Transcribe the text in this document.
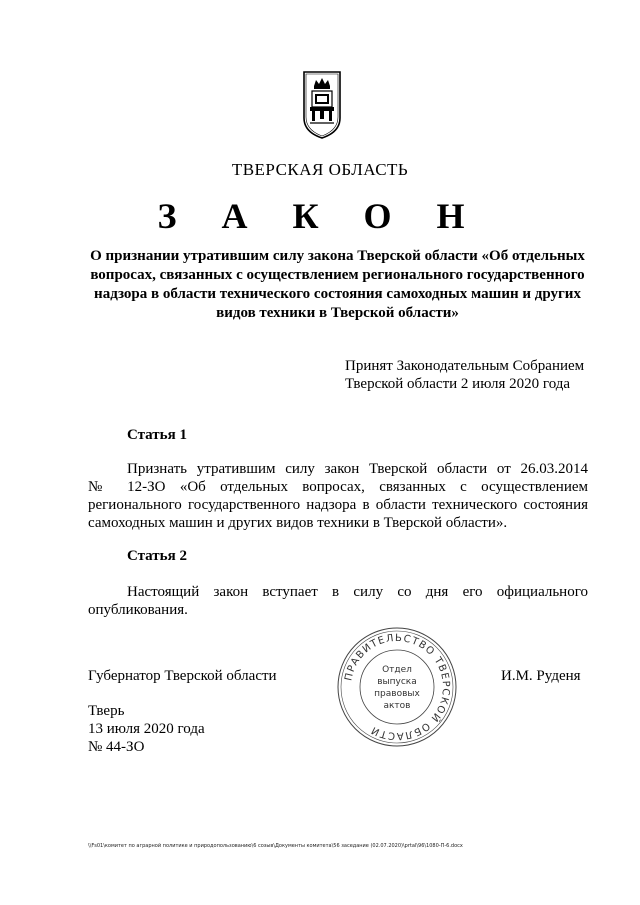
ТВЕРСКАЯ ОБЛАСТЬ
З А К О Н
О признании утратившим силу закона Тверской области «Об отдельных вопросах, связанных с осуществлением регионального государственного надзора в области технического состояния самоходных машин и других видов техники в Тверской области»
Принят Законодательным Собранием
Тверской области 2 июля 2020 года
Статья 1
Признать утратившим силу закон Тверской области от 26.03.2014
№ 12-ЗО «Об отдельных вопросах, связанных с осуществлением
регионального государственного надзора в области технического состояния
самоходных машин и других видов техники в Тверской области».
Статья 2
Настоящий закон вступает в силу со дня его официального
опубликования.
Губернатор Тверской области	И.М. Руденя
Тверь
13 июля 2020 года
№ 44-ЗО
ПРАВИТЕЛЬСТВО ТВЕРСКОЙ ОБЛАСТИ
Отдел
выпуска
правовых
актов
\\Fs01\комитет по аграрной политике и природопользованию\6 созыв\Документы комитета\56 заседание (02.07.2020)\prtal\96\1080-П-6.docx
